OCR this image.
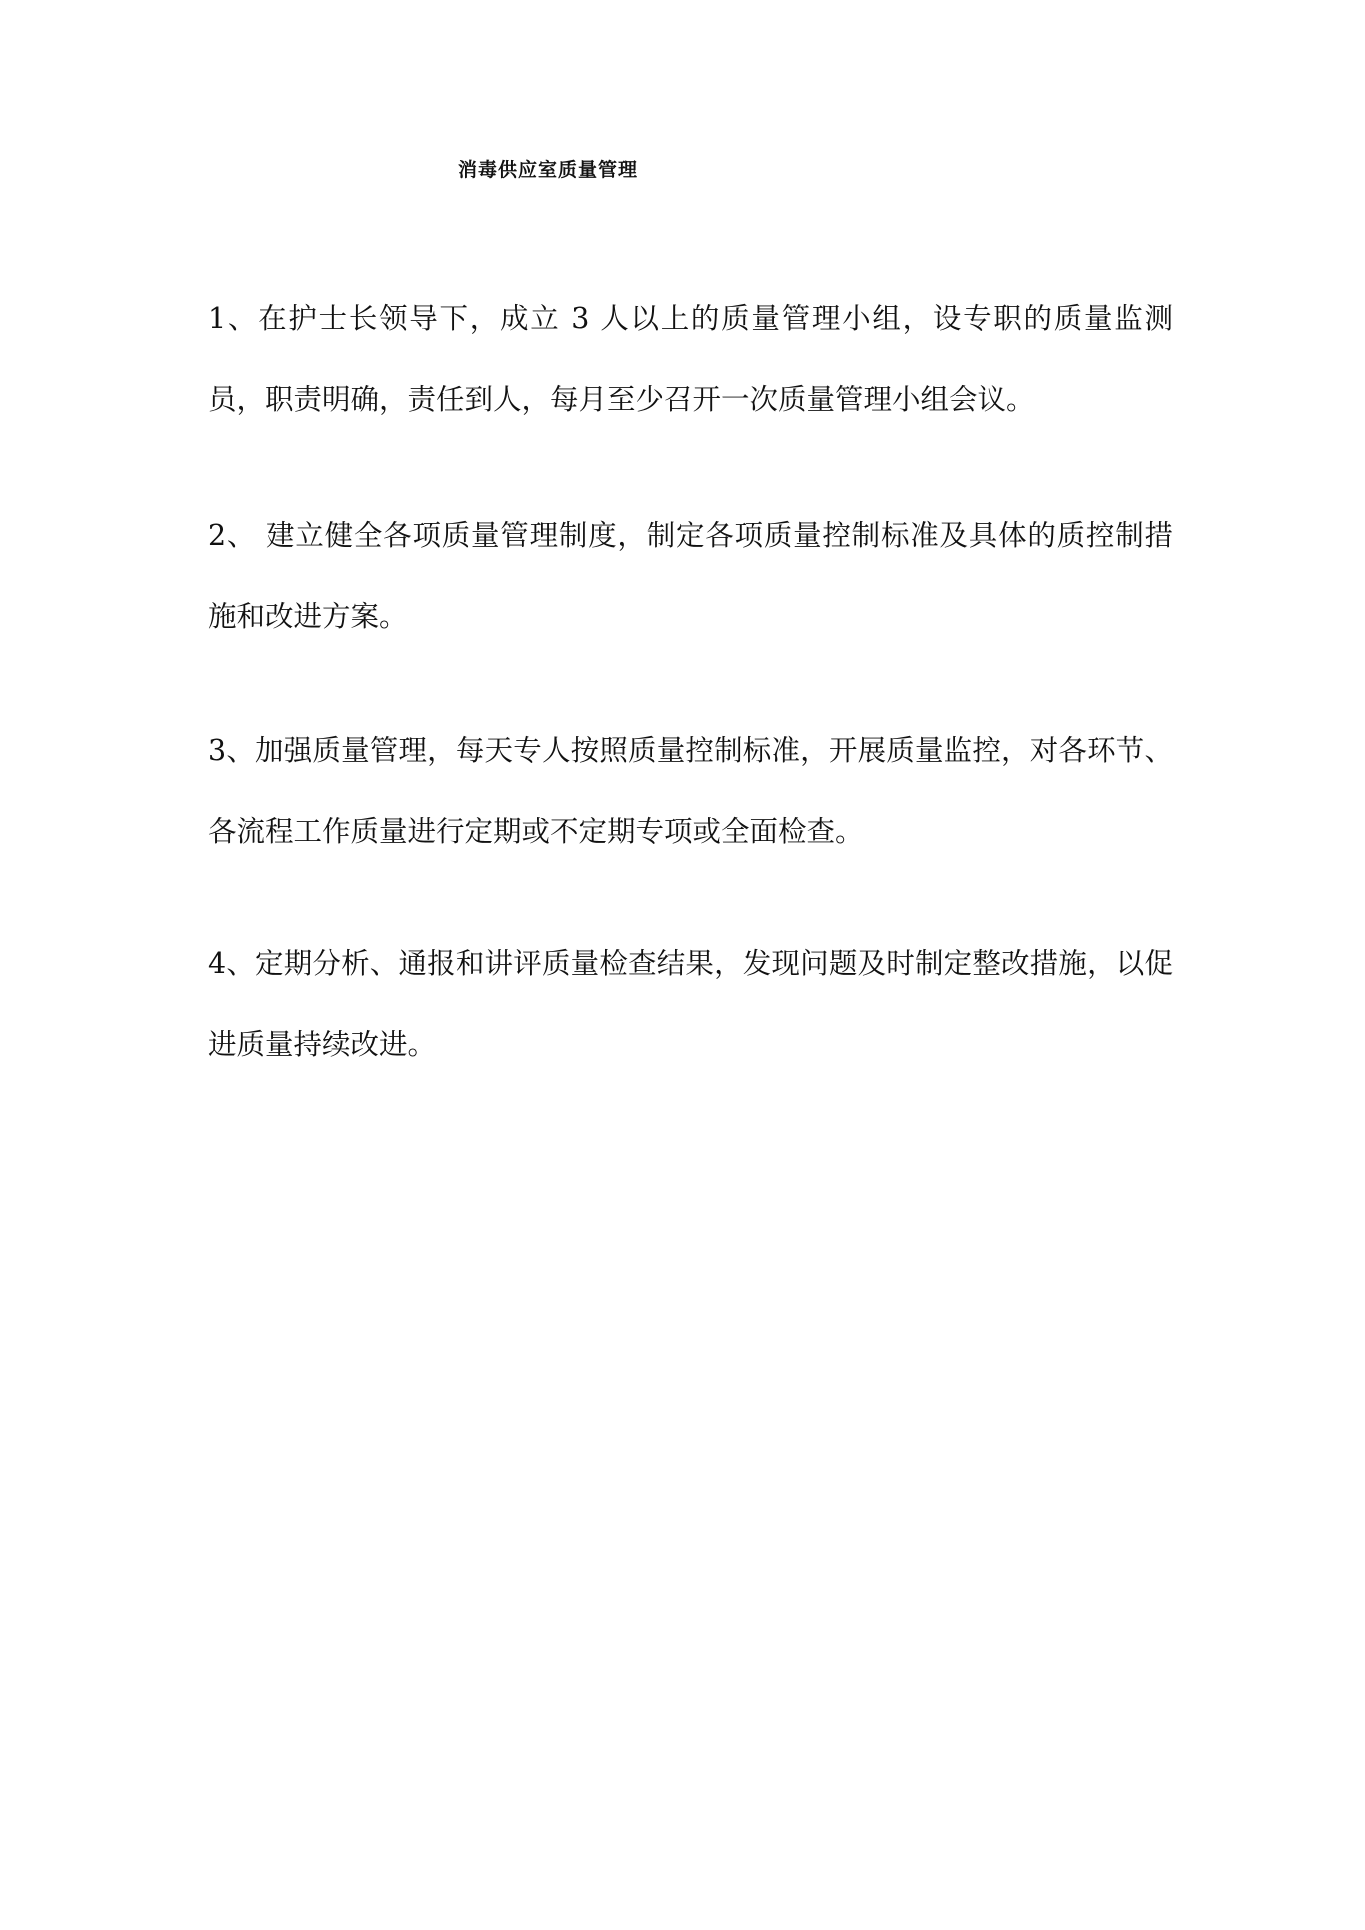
消毒供应室质量管理

1、在护士长领导下，成立 3 人以上的质量管理小组，设专职的质量监测员，职责明确，责任到人，每月至少召开一次质量管理小组会议。

2、 建立健全各项质量管理制度，制定各项质量控制标准及具体的质控制措施和改进方案。

3、加强质量管理，每天专人按照质量控制标准，开展质量监控，对各环节、各流程工作质量进行定期或不定期专项或全面检查。

4、定期分析、通报和讲评质量检查结果，发现问题及时制定整改措施，以促进质量持续改进。
